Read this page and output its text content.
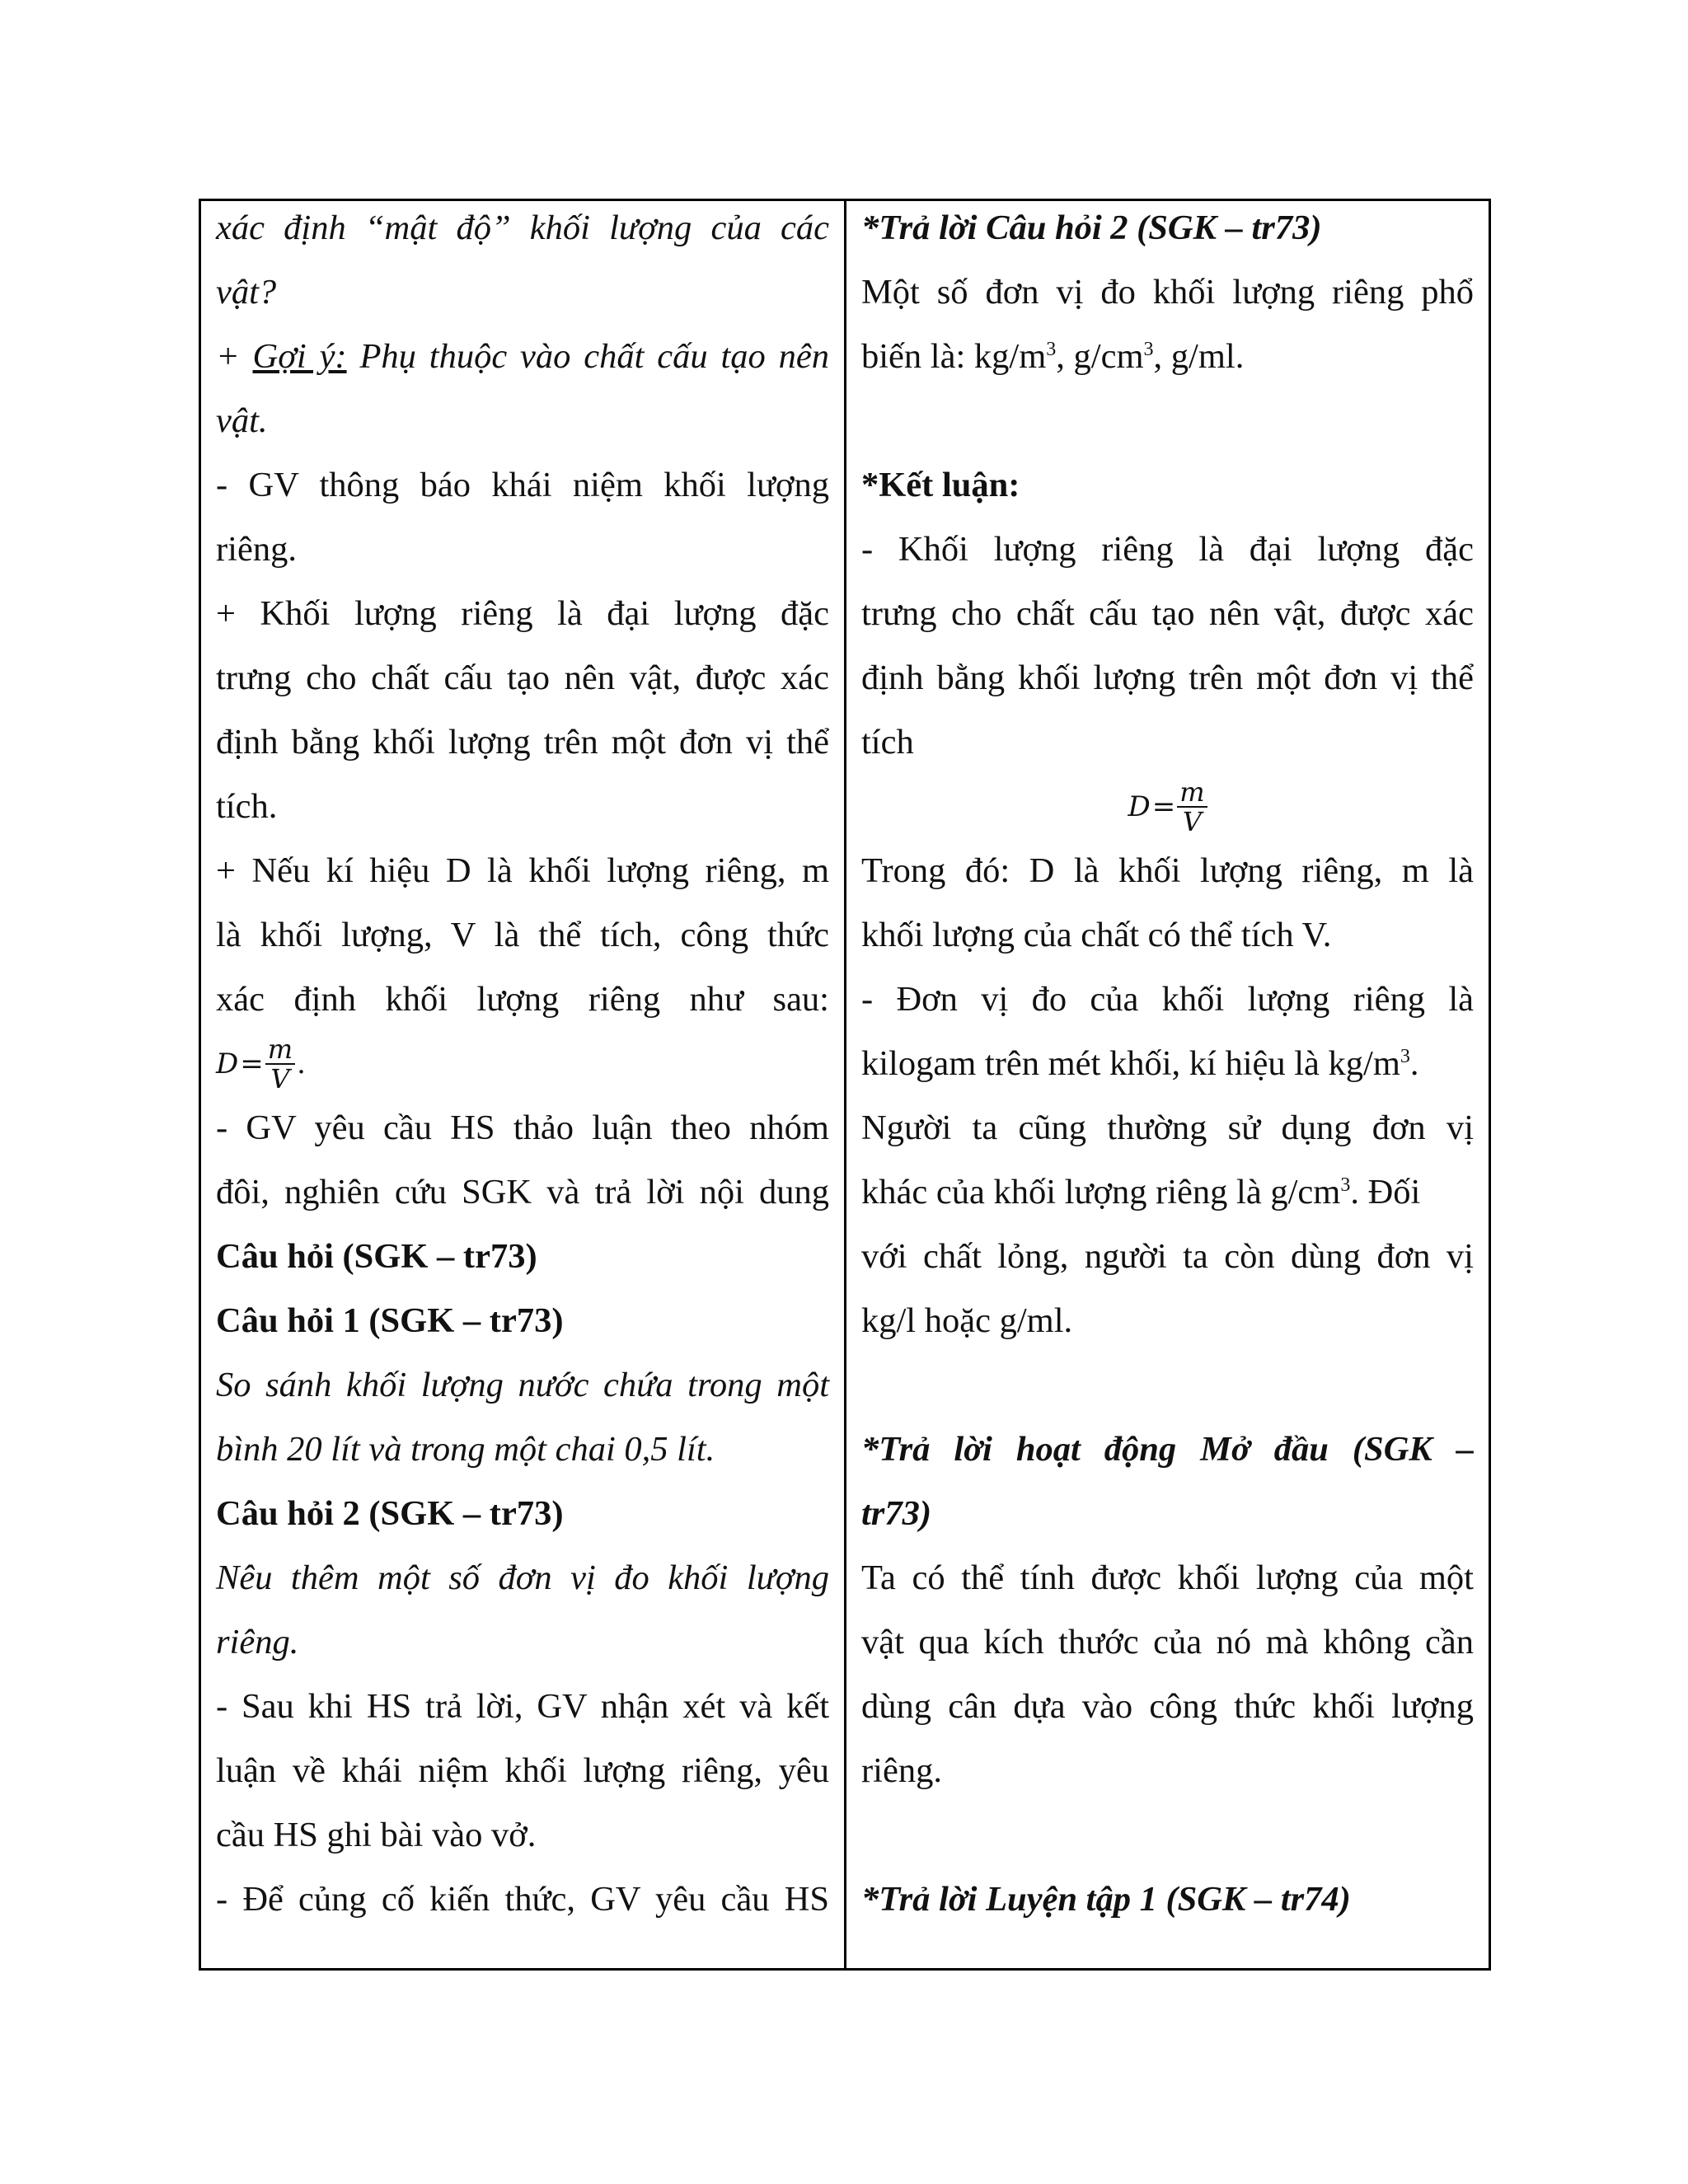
xác định “mật độ” khối lượng của các
vật?
+ Gợi ý: Phụ thuộc vào chất cấu tạo nên
vật.
- GV thông báo khái niệm khối lượng
riêng.
+ Khối lượng riêng là đại lượng đặc
trưng cho chất cấu tạo nên vật, được xác
định bằng khối lượng trên một đơn vị thể
tích.
+ Nếu kí hiệu D là khối lượng riêng, m
là khối lượng, V là thể tích, công thức
xác định khối lượng riêng như sau:
$D = \frac{m}{V}$ .
- GV yêu cầu HS thảo luận theo nhóm
đôi, nghiên cứu SGK và trả lời nội dung
Câu hỏi (SGK – tr73)
Câu hỏi 1 (SGK – tr73)
So sánh khối lượng nước chứa trong một
bình 20 lít và trong một chai 0,5 lít.
Câu hỏi 2 (SGK – tr73)
Nêu thêm một số đơn vị đo khối lượng
riêng.
- Sau khi HS trả lời, GV nhận xét và kết
luận về khái niệm khối lượng riêng, yêu
cầu HS ghi bài vào vở.
- Để củng cố kiến thức, GV yêu cầu HS
*Trả lời Câu hỏi 2 (SGK – tr73)
Một số đơn vị đo khối lượng riêng phổ
biến là: $kg/m^3$, $g/cm^3$, g/ml.
*Kết luận:
- Khối lượng riêng là đại lượng đặc
trưng cho chất cấu tạo nên vật, được xác
định bằng khối lượng trên một đơn vị thể
tích
$D = \frac{m}{V}$
Trong đó: D là khối lượng riêng, m là
khối lượng của chất có thể tích V.
- Đơn vị đo của khối lượng riêng là
kilogam trên mét khối, kí hiệu là $kg/m^3$.
Người ta cũng thường sử dụng đơn vị
khác của khối lượng riêng là $g/cm^3$. Đối
với chất lỏng, người ta còn dùng đơn vị
kg/l hoặc g/ml.
*Trả lời hoạt động Mở đầu (SGK –
tr73)
Ta có thể tính được khối lượng của một
vật qua kích thước của nó mà không cần
dùng cân dựa vào công thức khối lượng
riêng.
*Trả lời Luyện tập 1 (SGK – tr74)
